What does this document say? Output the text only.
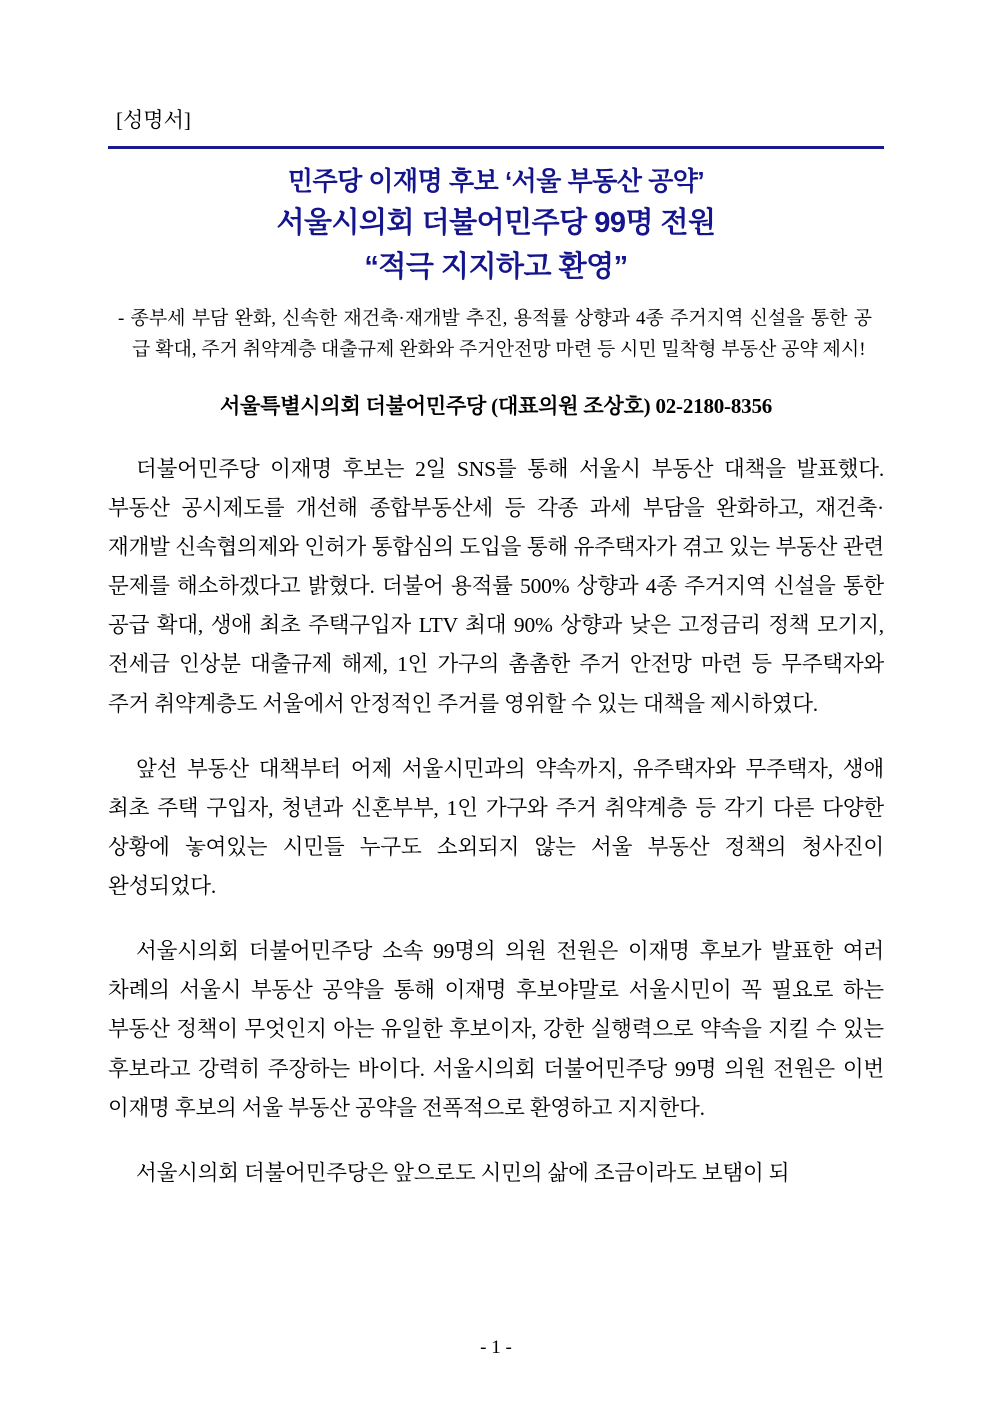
[성명서]
민주당 이재명 후보 ‘서울 부동산 공약’
서울시의회 더불어민주당 99명 전원
“적극 지지하고 환영”
- 종부세 부담 완화, 신속한 재건축·재개발 추진, 용적률 상향과 4종 주거지역 신설을 통한 공급 확대, 주거 취약계층 대출규제 완화와 주거안전망 마련 등 시민 밀착형 부동산 공약 제시!
서울특별시의회 더불어민주당 (대표의원 조상호) 02-2180-8356

더불어민주당 이재명 후보는 2일 SNS를 통해 서울시 부동산 대책을 발표했다. 부동산 공시제도를 개선해 종합부동산세 등 각종 과세 부담을 완화하고, 재건축·재개발 신속협의제와 인허가 통합심의 도입을 통해 유주택자가 겪고 있는 부동산 관련 문제를 해소하겠다고 밝혔다. 더불어 용적률 500% 상향과 4종 주거지역 신설을 통한 공급 확대, 생애 최초 주택구입자 LTV 최대 90% 상향과 낮은 고정금리 정책 모기지, 전세금 인상분 대출규제 해제, 1인 가구의 촘촘한 주거 안전망 마련 등 무주택자와 주거 취약계층도 서울에서 안정적인 주거를 영위할 수 있는 대책을 제시하였다.

앞선 부동산 대책부터 어제 서울시민과의 약속까지, 유주택자와 무주택자, 생애 최초 주택 구입자, 청년과 신혼부부, 1인 가구와 주거 취약계층 등 각기 다른 다양한 상황에 놓여있는 시민들 누구도 소외되지 않는 서울 부동산 정책의 청사진이 완성되었다.

서울시의회 더불어민주당 소속 99명의 의원 전원은 이재명 후보가 발표한 여러 차례의 서울시 부동산 공약을 통해 이재명 후보야말로 서울시민이 꼭 필요로 하는 부동산 정책이 무엇인지 아는 유일한 후보이자, 강한 실행력으로 약속을 지킬 수 있는 후보라고 강력히 주장하는 바이다. 서울시의회 더불어민주당 99명 의원 전원은 이번 이재명 후보의 서울 부동산 공약을 전폭적으로 환영하고 지지한다.

서울시의회 더불어민주당은 앞으로도 시민의 삶에 조금이라도 보탬이 되

- 1 -
